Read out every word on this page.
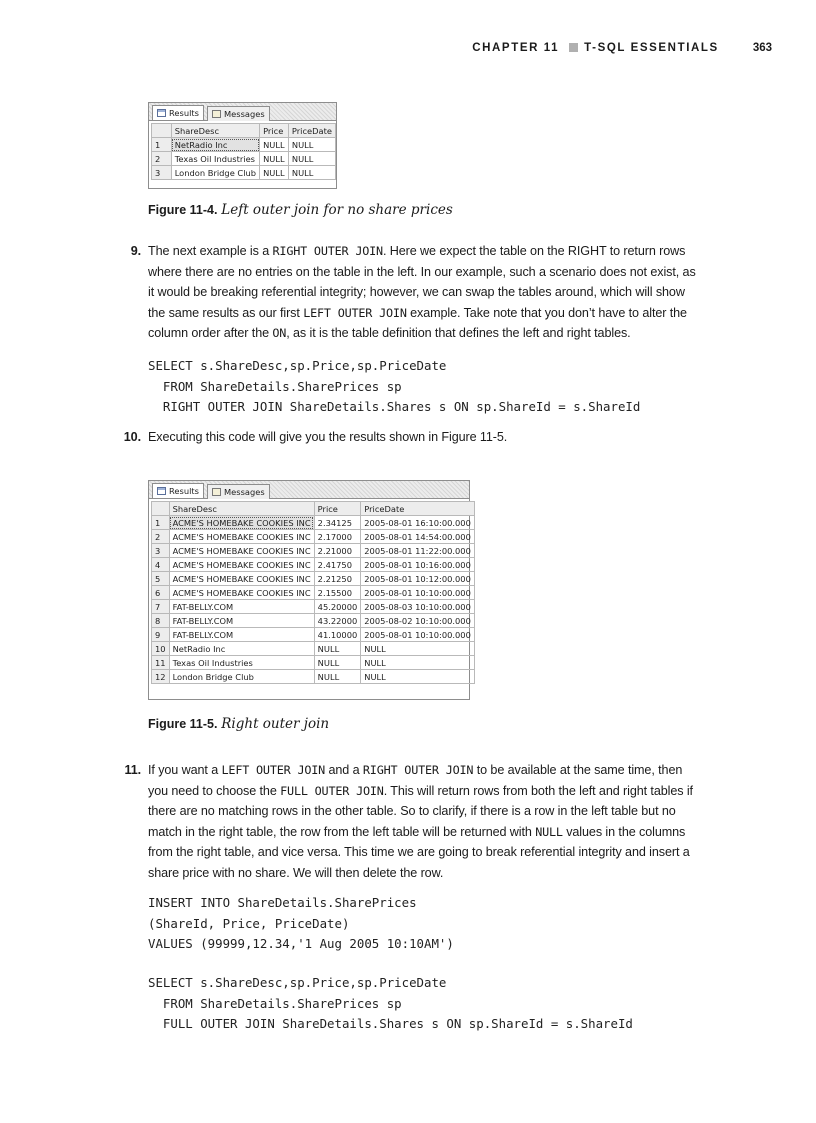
CHAPTER 11 T-SQL ESSENTIALS	363
Results	Messages
	ShareDesc	Price	PriceDate
1	NetRadio Inc	NULL	NULL
2	Texas Oil Industries	NULL	NULL
3	London Bridge Club	NULL	NULL
Figure 11-4. Left outer join for no share prices
9. The next example is a RIGHT OUTER JOIN. Here we expect the table on the RIGHT to return rows where there are no entries on the table in the left. In our example, such a scenario does not exist, as it would be breaking referential integrity; however, we can swap the tables around, which will show the same results as our first LEFT OUTER JOIN example. Take note that you don’t have to alter the column order after the ON, as it is the table definition that defines the left and right tables.
SELECT s.ShareDesc,sp.Price,sp.PriceDate
FROM ShareDetails.SharePrices sp
RIGHT OUTER JOIN ShareDetails.Shares s ON sp.ShareId = s.ShareId
10. Executing this code will give you the results shown in Figure 11-5.
Results	Messages
	ShareDesc	Price	PriceDate
1	ACME'S HOMEBAKE COOKIES INC	2.34125	2005-08-01 16:10:00.000
2	ACME'S HOMEBAKE COOKIES INC	2.17000	2005-08-01 14:54:00.000
3	ACME'S HOMEBAKE COOKIES INC	2.21000	2005-08-01 11:22:00.000
4	ACME'S HOMEBAKE COOKIES INC	2.41750	2005-08-01 10:16:00.000
5	ACME'S HOMEBAKE COOKIES INC	2.21250	2005-08-01 10:12:00.000
6	ACME'S HOMEBAKE COOKIES INC	2.15500	2005-08-01 10:10:00.000
7	FAT-BELLY.COM	45.20000	2005-08-03 10:10:00.000
8	FAT-BELLY.COM	43.22000	2005-08-02 10:10:00.000
9	FAT-BELLY.COM	41.10000	2005-08-01 10:10:00.000
10	NetRadio Inc	NULL	NULL
11	Texas Oil Industries	NULL	NULL
12	London Bridge Club	NULL	NULL
Figure 11-5. Right outer join
11. If you want a LEFT OUTER JOIN and a RIGHT OUTER JOIN to be available at the same time, then you need to choose the FULL OUTER JOIN. This will return rows from both the left and right tables if there are no matching rows in the other table. So to clarify, if there is a row in the left table but no match in the right table, the row from the left table will be returned with NULL values in the columns from the right table, and vice versa. This time we are going to break referential integrity and insert a share price with no share. We will then delete the row.
INSERT INTO ShareDetails.SharePrices
(ShareId, Price, PriceDate)
VALUES (99999,12.34,'1 Aug 2005 10:10AM')
SELECT s.ShareDesc,sp.Price,sp.PriceDate
FROM ShareDetails.SharePrices sp
FULL OUTER JOIN ShareDetails.Shares s ON sp.ShareId = s.ShareId
